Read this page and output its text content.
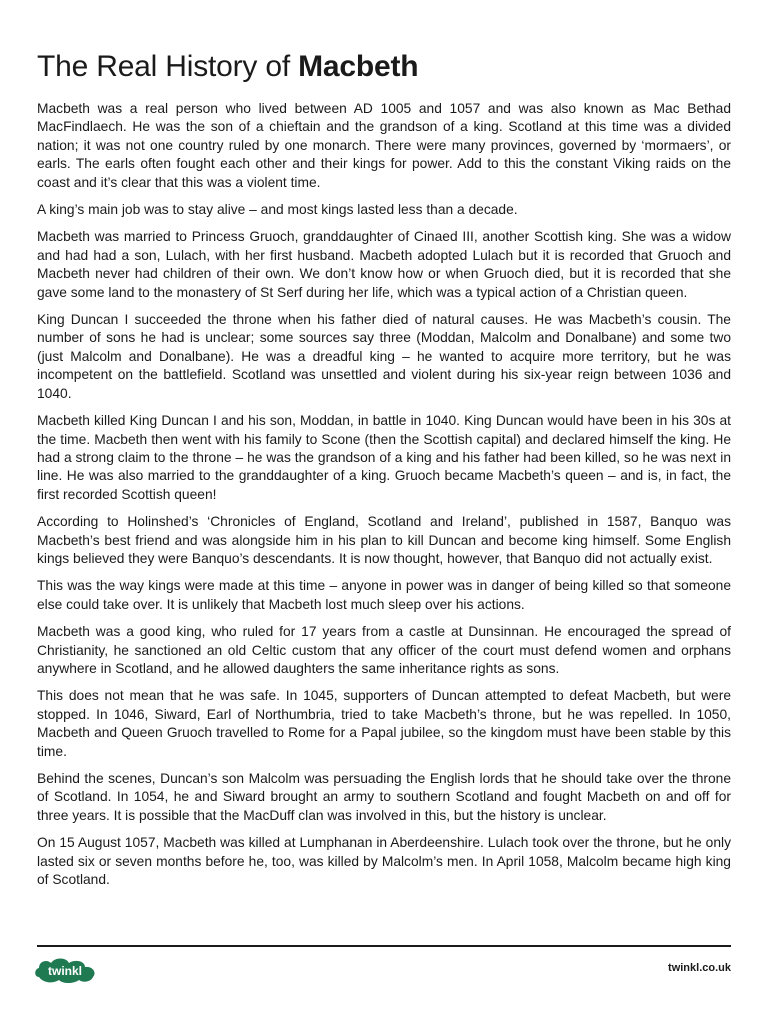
The Real History of Macbeth

Macbeth was a real person who lived between AD 1005 and 1057 and was also known as Mac Bethad MacFindlaech. He was the son of a chieftain and the grandson of a king. Scotland at this time was a divided nation; it was not one country ruled by one monarch. There were many provinces, governed by ‘mormaers’, or earls. The earls often fought each other and their kings for power. Add to this the constant Viking raids on the coast and it’s clear that this was a violent time.

A king’s main job was to stay alive – and most kings lasted less than a decade.

Macbeth was married to Princess Gruoch, granddaughter of Cinaed III, another Scottish king. She was a widow and had had a son, Lulach, with her first husband. Macbeth adopted Lulach but it is recorded that Gruoch and Macbeth never had children of their own. We don’t know how or when Gruoch died, but it is recorded that she gave some land to the monastery of St Serf during her life, which was a typical action of a Christian queen.

King Duncan I succeeded the throne when his father died of natural causes. He was Macbeth’s cousin. The number of sons he had is unclear; some sources say three (Moddan, Malcolm and Donalbane) and some two (just Malcolm and Donalbane). He was a dreadful king – he wanted to acquire more territory, but he was incompetent on the battlefield. Scotland was unsettled and violent during his six-year reign between 1036 and 1040.

Macbeth killed King Duncan I and his son, Moddan, in battle in 1040. King Duncan would have been in his 30s at the time. Macbeth then went with his family to Scone (then the Scottish capital) and declared himself the king. He had a strong claim to the throne – he was the grandson of a king and his father had been killed, so he was next in line. He was also married to the granddaughter of a king. Gruoch became Macbeth’s queen – and is, in fact, the first recorded Scottish queen!

According to Holinshed’s ‘Chronicles of England, Scotland and Ireland’, published in 1587, Banquo was Macbeth’s best friend and was alongside him in his plan to kill Duncan and become king himself. Some English kings believed they were Banquo’s descendants. It is now thought, however, that Banquo did not actually exist.

This was the way kings were made at this time – anyone in power was in danger of being killed so that someone else could take over. It is unlikely that Macbeth lost much sleep over his actions.

Macbeth was a good king, who ruled for 17 years from a castle at Dunsinnan. He encouraged the spread of Christianity, he sanctioned an old Celtic custom that any officer of the court must defend women and orphans anywhere in Scotland, and he allowed daughters the same inheritance rights as sons.

This does not mean that he was safe. In 1045, supporters of Duncan attempted to defeat Macbeth, but were stopped. In 1046, Siward, Earl of Northumbria, tried to take Macbeth’s throne, but he was repelled. In 1050, Macbeth and Queen Gruoch travelled to Rome for a Papal jubilee, so the kingdom must have been stable by this time.

Behind the scenes, Duncan’s son Malcolm was persuading the English lords that he should take over the throne of Scotland. In 1054, he and Siward brought an army to southern Scotland and fought Macbeth on and off for three years. It is possible that the MacDuff clan was involved in this, but the history is unclear.

On 15 August 1057, Macbeth was killed at Lumphanan in Aberdeenshire. Lulach took over the throne, but he only lasted six or seven months before he, too, was killed by Malcolm’s men. In April 1058, Malcolm became high king of Scotland.

twinkl	twinkl.co.uk
